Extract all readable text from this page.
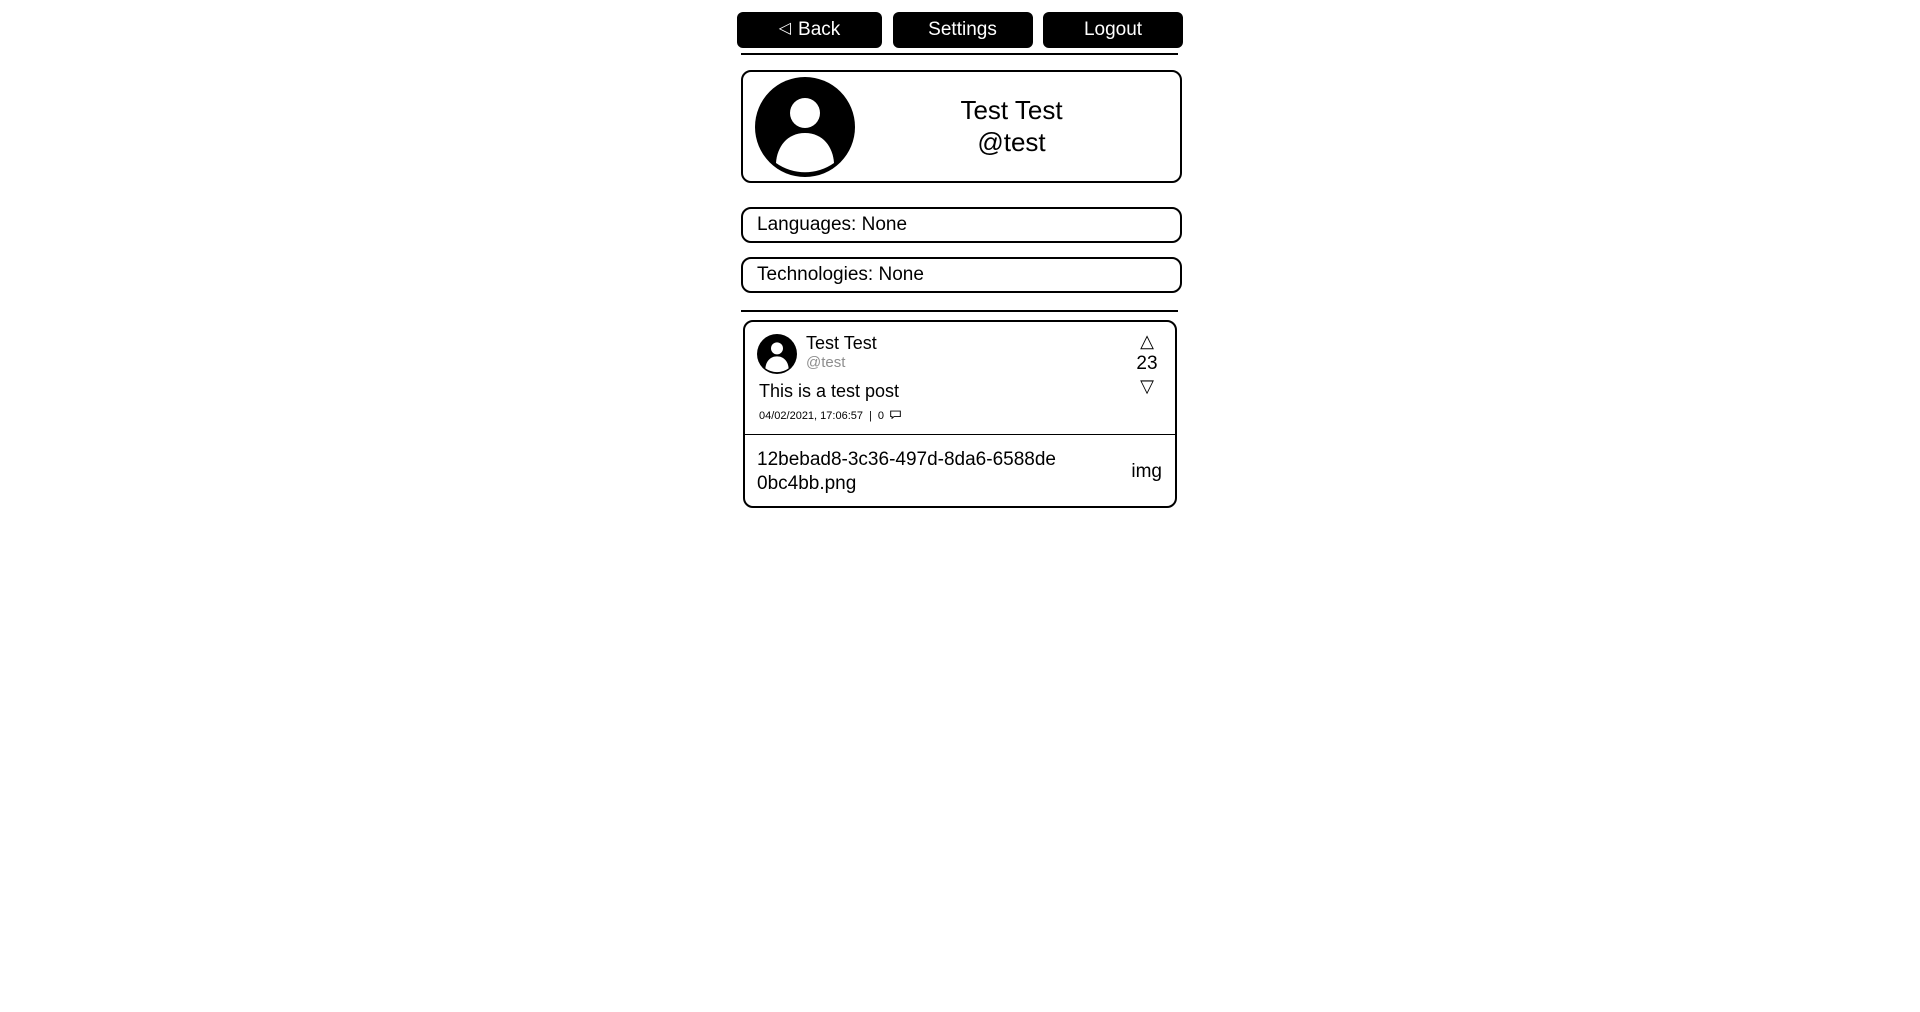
◁ Back	Settings	Logout
Test Test
@test
Languages: None
Technologies: None
Test Test
@test
This is a test post
04/02/2021, 17:06:57 | 0
△
23
▽
12bebad8-3c36-497d-8da6-6588de0bc4bb.png
img
